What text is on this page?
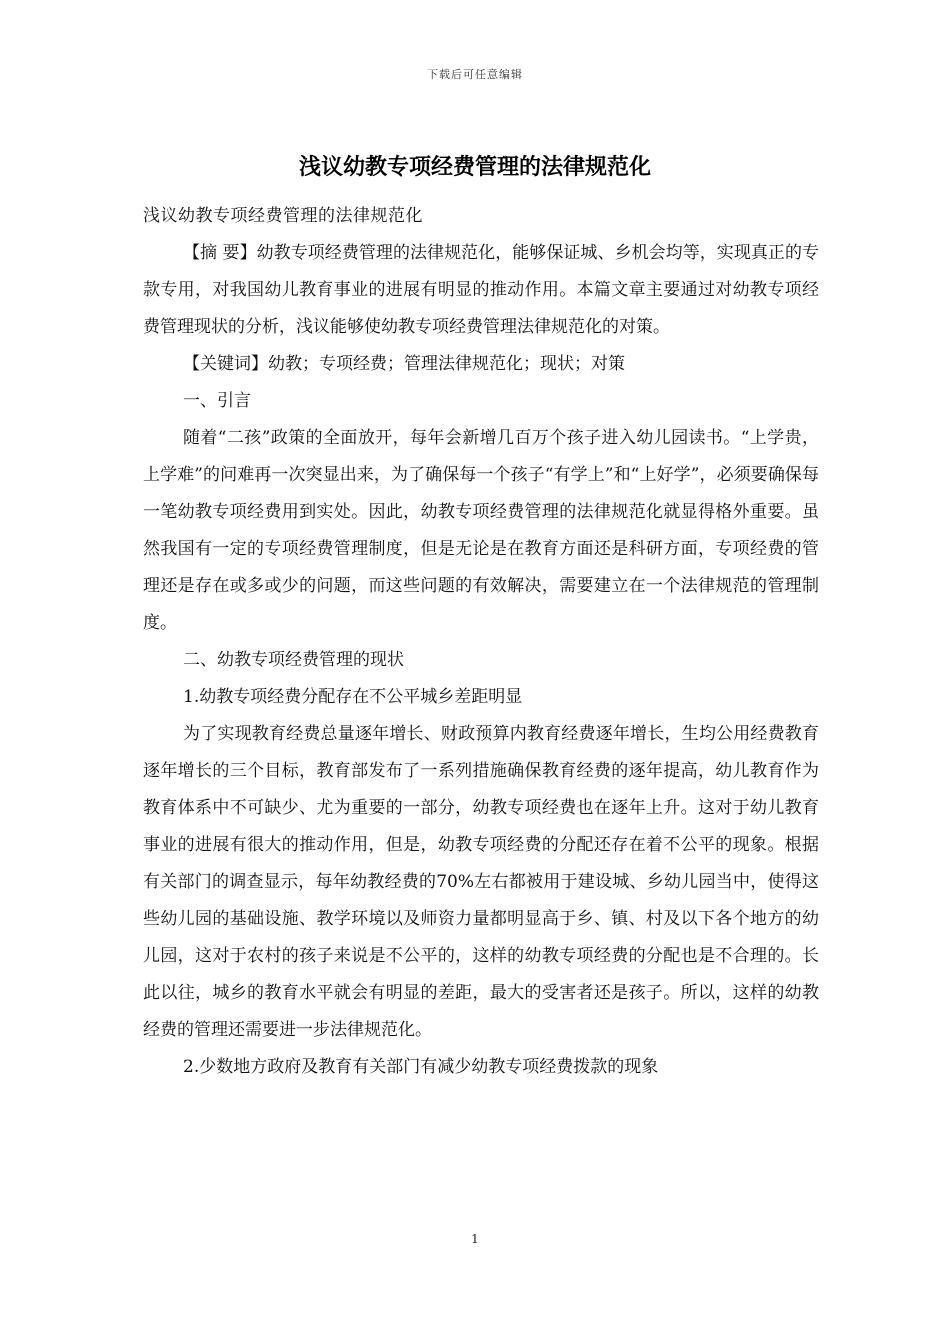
下载后可任意编辑
浅议幼教专项经费管理的法律规范化

浅议幼教专项经费管理的法律规范化

【摘 要】幼教专项经费管理的法律规范化，能够保证城、乡机会均等，实现真正的专款专用，对我国幼儿教育事业的进展有明显的推动作用。本篇文章主要通过对幼教专项经费管理现状的分析，浅议能够使幼教专项经费管理法律规范化的对策。

【关键词】幼教；专项经费；管理法律规范化；现状；对策

一、引言

随着“二孩”政策的全面放开，每年会新增几百万个孩子进入幼儿园读书。“上学贵，上学难”的问难再一次突显出来，为了确保每一个孩子“有学上”和“上好学”，必须要确保每一笔幼教专项经费用到实处。因此，幼教专项经费管理的法律规范化就显得格外重要。虽然我国有一定的专项经费管理制度，但是无论是在教育方面还是科研方面，专项经费的管理还是存在或多或少的问题，而这些问题的有效解决，需要建立在一个法律规范的管理制度。

二、幼教专项经费管理的现状

1.幼教专项经费分配存在不公平城乡差距明显

为了实现教育经费总量逐年增长、财政预算内教育经费逐年增长，生均公用经费教育逐年增长的三个目标，教育部发布了一系列措施确保教育经费的逐年提高，幼儿教育作为教育体系中不可缺少、尤为重要的一部分，幼教专项经费也在逐年上升。这对于幼儿教育事业的进展有很大的推动作用，但是，幼教专项经费的分配还存在着不公平的现象。根据有关部门的调查显示，每年幼教经费的70%左右都被用于建设城、乡幼儿园当中，使得这些幼儿园的基础设施、教学环境以及师资力量都明显高于乡、镇、村及以下各个地方的幼儿园，这对于农村的孩子来说是不公平的，这样的幼教专项经费的分配也是不合理的。长此以往，城乡的教育水平就会有明显的差距，最大的受害者还是孩子。所以，这样的幼教经费的管理还需要进一步法律规范化。

2.少数地方政府及教育有关部门有减少幼教专项经费拨款的现象

1
